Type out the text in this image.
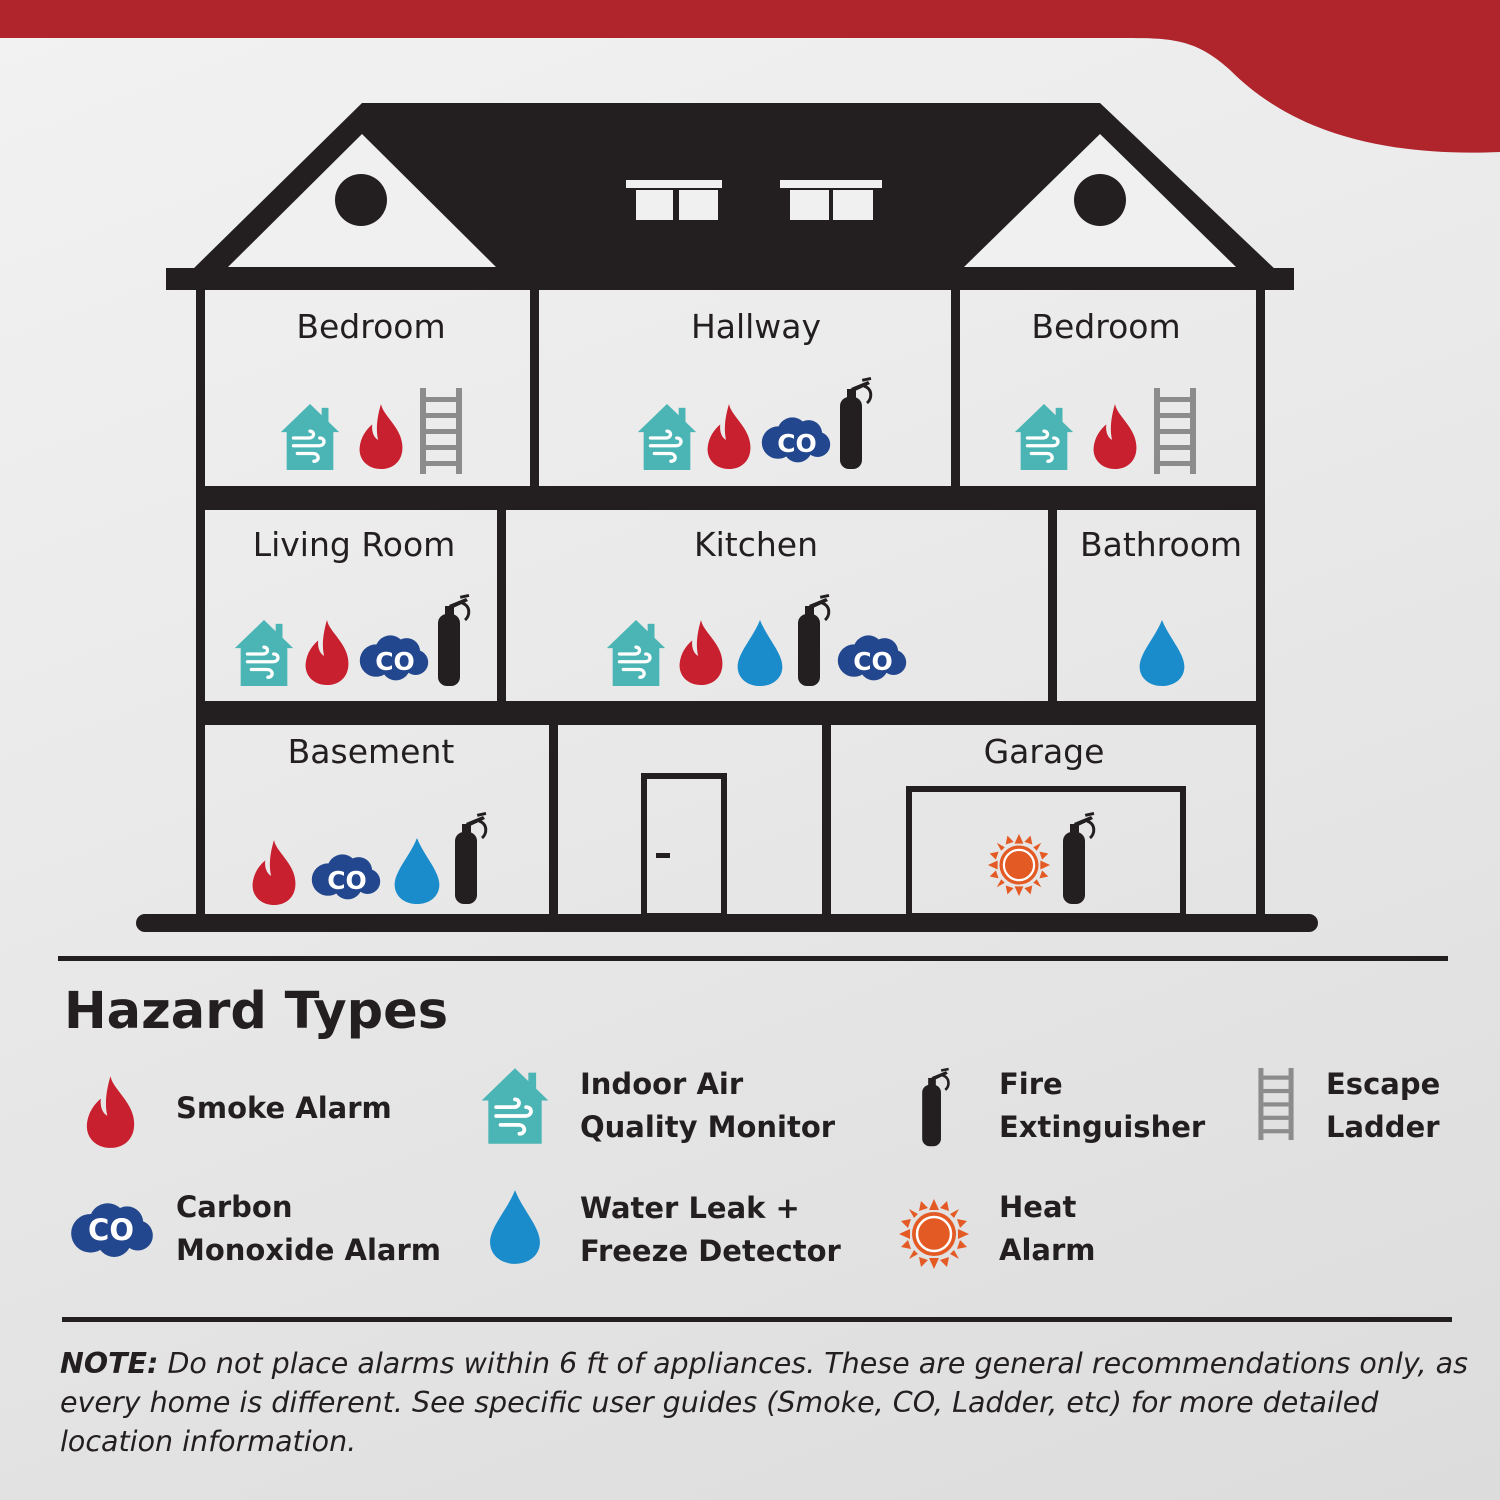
CO
CO	CO
CO
CO
Bedroom	Hallway	Bedroom
Living Room	Kitchen	Bathroom
Basement	Garage
Hazard Types
Smoke Alarm
Indoor Air
Quality Monitor
Fire
Extinguisher
Escape
Ladder
Carbon
Monoxide Alarm
Water Leak +
Freeze Detector
Heat
Alarm

NOTE: Do not place alarms within 6 ft of appliances. These are general recommendations only, as every home is different. See specific user guides (Smoke, CO, Ladder, etc) for more detailed location information.
